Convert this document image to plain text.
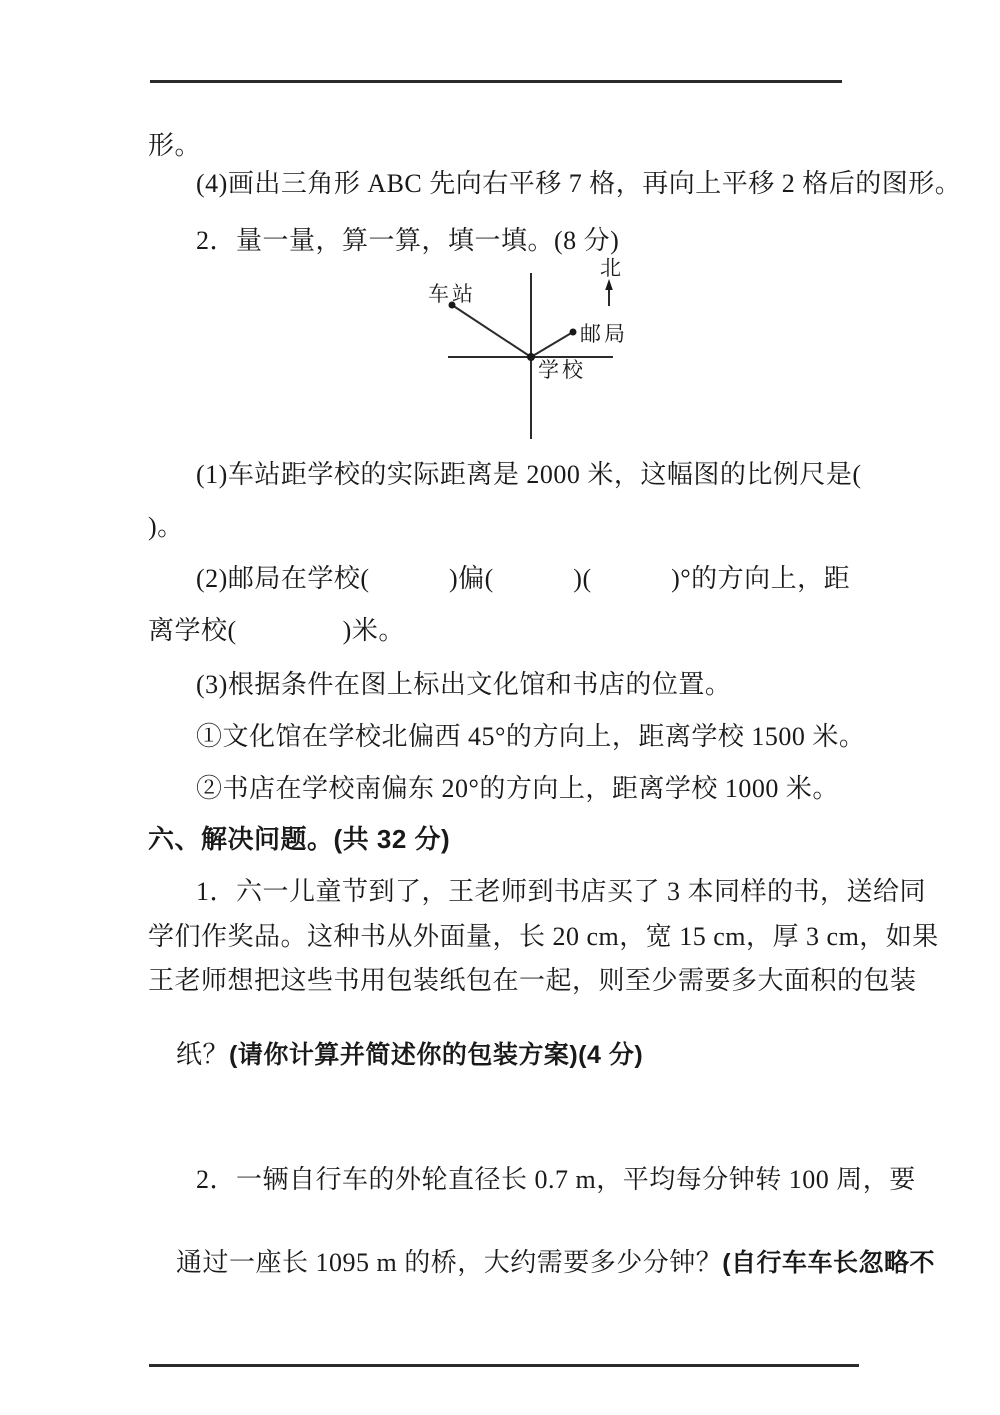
形。
(4)画出三角形 ABC 先向右平移 7 格，再向上平移 2 格后的图形。
2．量一量，算一算，填一填。(8 分)
车站
邮局
学校
北
(1)车站距学校的实际距离是 2000 米，这幅图的比例尺是(
)。
(2)邮局在学校(　　　)偏(　　　)(　　　)°的方向上，距
离学校(　　　　)米。
(3)根据条件在图上标出文化馆和书店的位置。
①文化馆在学校北偏西 45°的方向上，距离学校 1500 米。
②书店在学校南偏东 20°的方向上，距离学校 1000 米。
六、解决问题。(共 32 分)
1．六一儿童节到了，王老师到书店买了 3 本同样的书，送给同
学们作奖品。这种书从外面量，长 20 cm，宽 15 cm，厚 3 cm，如果
王老师想把这些书用包装纸包在一起，则至少需要多大面积的包装

纸？(请你计算并简述你的包装方案)(4 分)

2．一辆自行车的外轮直径长 0.7 m，平均每分钟转 100 周，要

通过一座长 1095 m 的桥，大约需要多少分钟？(自行车车长忽略不
